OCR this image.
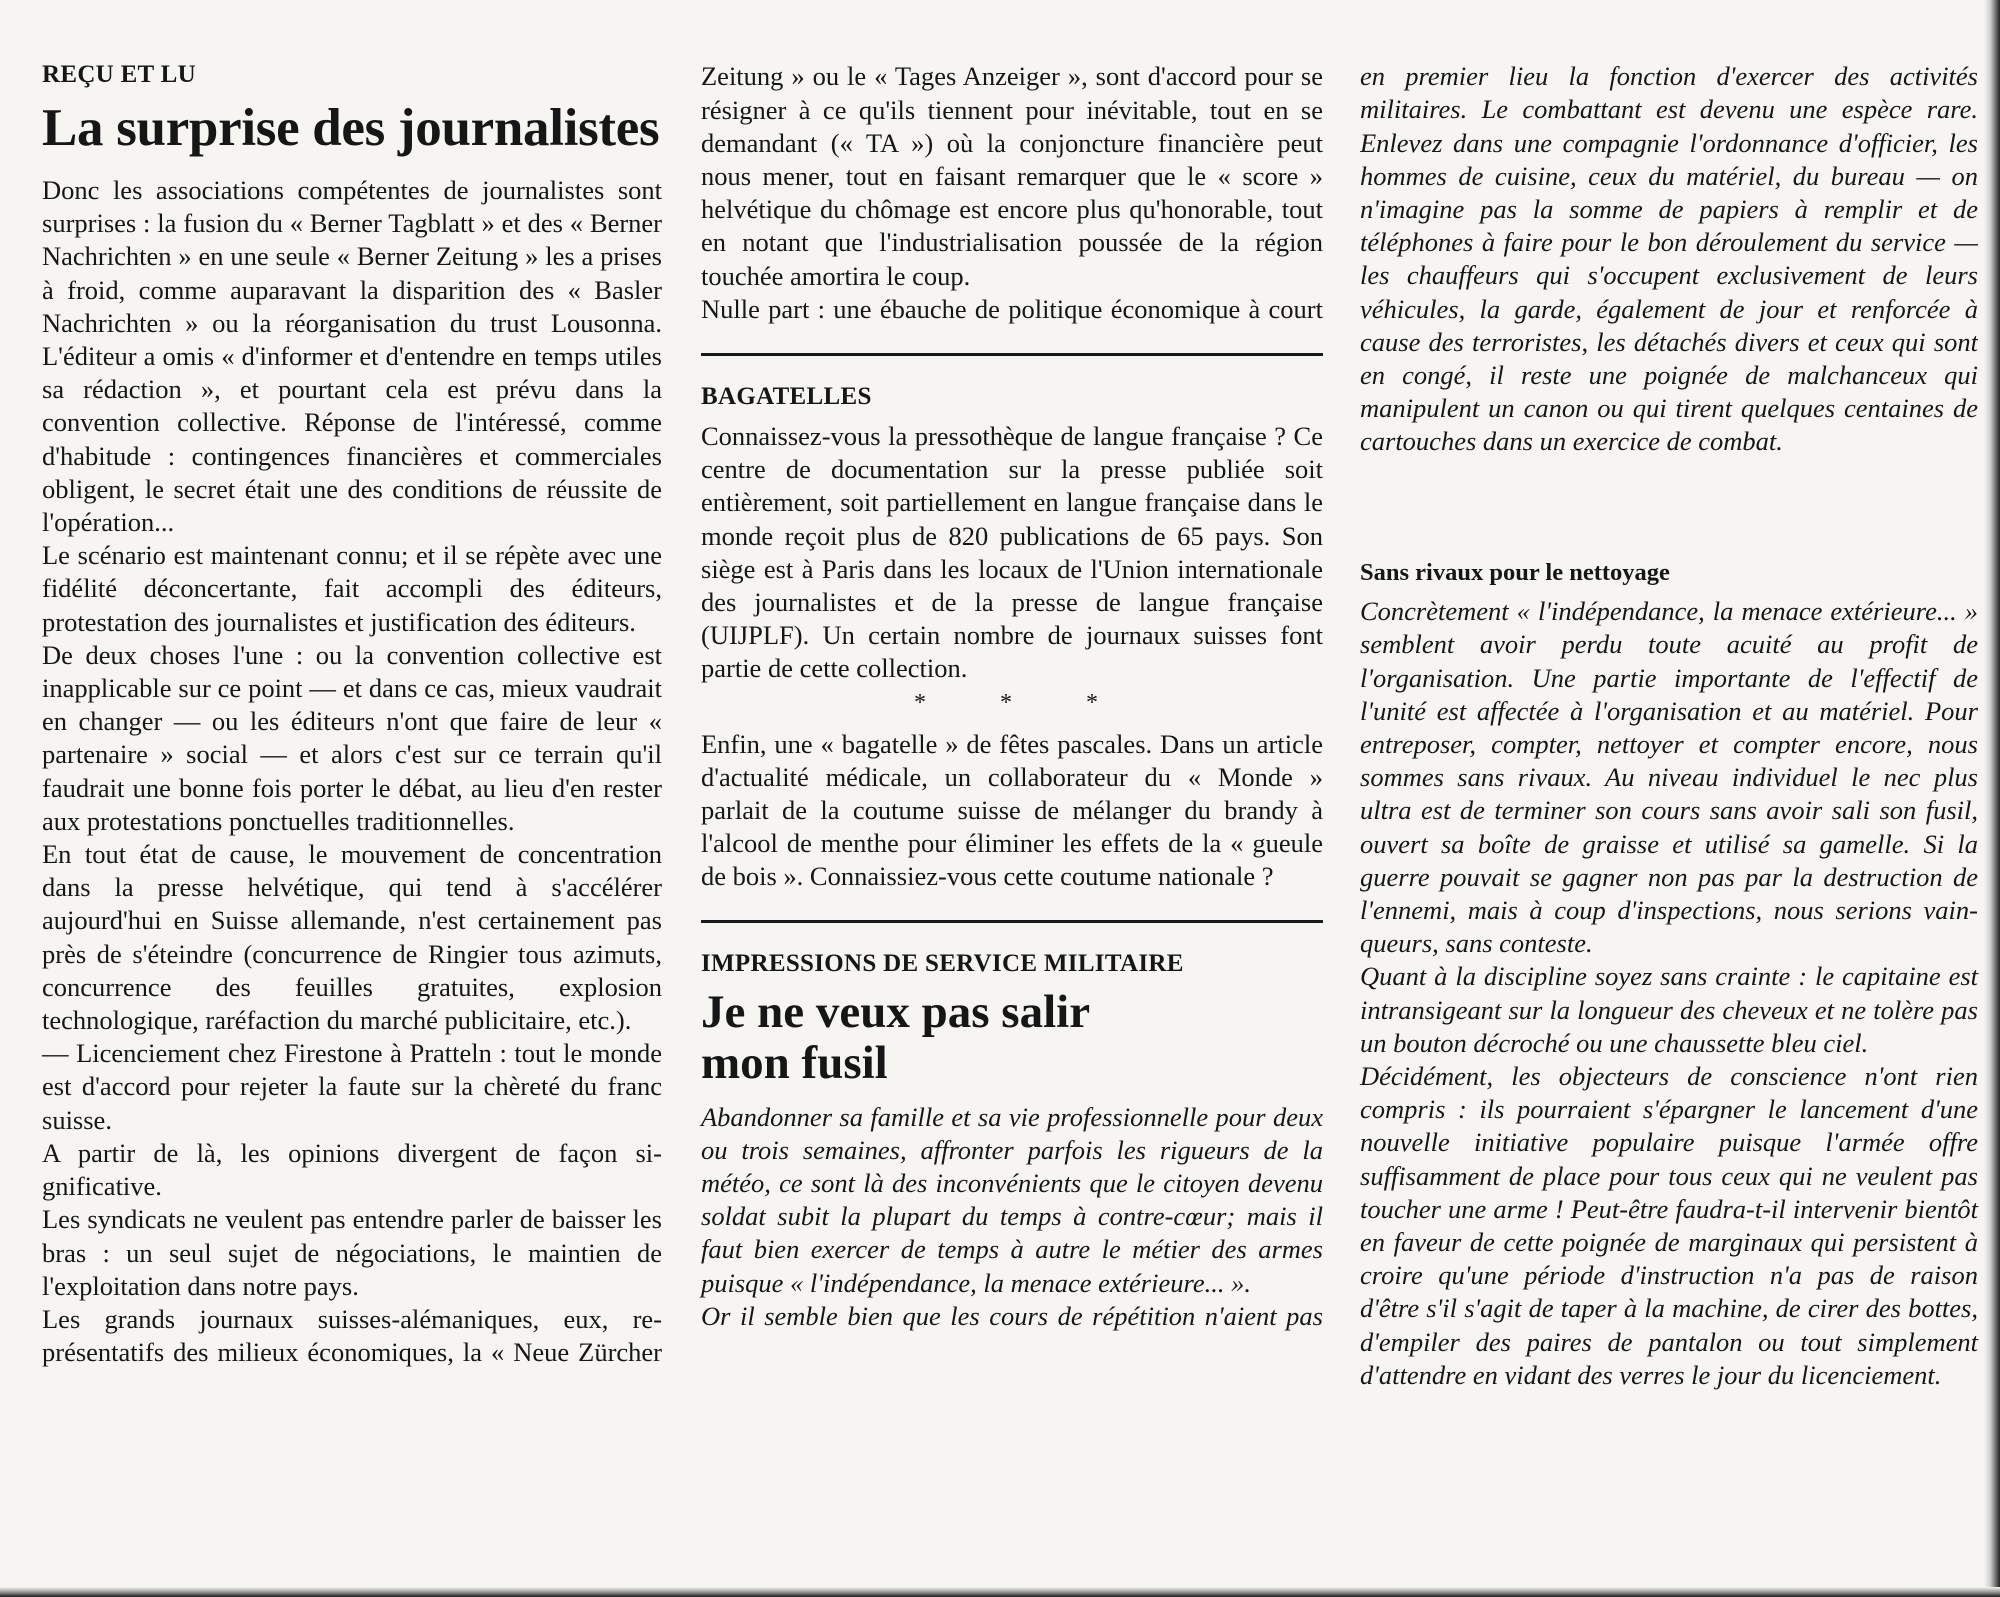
REÇU ET LU
La surprise des journalistes

Donc les associations compétentes de journalistes sont surprises : la fusion du « Berner Tagblatt » et des « Berner Nachrichten » en une seule « Berner Zeitung » les a prises à froid, comme auparavant la disparition des « Basler Nachrichten » ou la réorganisation du trust Lousonna. L'éditeur a omis « d'informer et d'entendre en temps utiles sa rédaction », et pourtant cela est prévu dans la convention collective. Réponse de l'intéressé, comme d'habitude : contingences financières et commerciales obligent, le secret était une des conditions de réussite de l'opération...

Le scénario est maintenant connu; et il se répète avec une fidélité déconcertante, fait accompli des éditeurs, protestation des journalistes et justification des éditeurs.

De deux choses l'une : ou la convention collective est inapplicable sur ce point — et dans ce cas, mieux vaudrait en changer — ou les éditeurs n'ont que faire de leur « partenaire » social — et alors c'est sur ce terrain qu'il faudrait une bonne fois porter le débat, au lieu d'en rester aux protestations ponctuelles traditionnelles.

En tout état de cause, le mouvement de concentration dans la presse helvétique, qui tend à s'accélérer aujourd'hui en Suisse allemande, n'est certainement pas près de s'éteindre (concurrence de Ringier tous azimuts, concurrence des feuilles gratuites, explosion technologique, raréfaction du marché publicitaire, etc.).

— Licenciement chez Firestone à Pratteln : tout le monde est d'accord pour rejeter la faute sur la chèreté du franc suisse.

A partir de là, les opinions divergent de façon significative.

Les syndicats ne veulent pas entendre parler de baisser les bras : un seul sujet de négociations, le maintien de l'exploitation dans notre pays.

Les grands journaux suisses-alémaniques, eux, représentatifs des milieux économiques, la « Neue Zürcher

Zeitung » ou le « Tages Anzeiger », sont d'accord pour se résigner à ce qu'ils tiennent pour inévitable, tout en se demandant (« TA ») où la conjoncture financière peut nous mener, tout en faisant remarquer que le « score » helvétique du chômage est encore plus qu'honorable, tout en notant que l'industrialisation poussée de la région touchée amortira le coup.

Nulle part : une ébauche de politique économique à court

BAGATELLES

Connaissez-vous la pressothèque de langue française ? Ce centre de documentation sur la presse publiée soit entièrement, soit partiellement en langue française dans le monde reçoit plus de 820 publications de 65 pays. Son siège est à Paris dans les locaux de l'Union internationale des journalistes et de la presse de langue française (UIJPLF). Un certain nombre de journaux suisses font partie de cette collection.

* * *

Enfin, une « bagatelle » de fêtes pascales. Dans un article d'actualité médicale, un collaborateur du « Monde » parlait de la coutume suisse de mélanger du brandy à l'alcool de menthe pour éliminer les effets de la « gueule de bois ». Connaissiez-vous cette coutume nationale ?

IMPRESSIONS DE SERVICE MILITAIRE
Je ne veux pas salir
mon fusil

Abandonner sa famille et sa vie professionnelle pour deux ou trois semaines, affronter parfois les rigueurs de la météo, ce sont là des inconvénients que le citoyen devenu soldat subit la plupart du temps à contre-cœur; mais il faut bien exercer de temps à autre le métier des armes puisque « l'indépendance, la menace extérieure... ».

Or il semble bien que les cours de répétition n'aient pas

en premier lieu la fonction d'exercer des activités militaires. Le combattant est devenu une espèce rare. Enlevez dans une compagnie l'ordonnance d'officier, les hommes de cuisine, ceux du matériel, du bureau — on n'imagine pas la somme de papiers à remplir et de téléphones à faire pour le bon déroulement du service — les chauffeurs qui s'occupent exclusivement de leurs véhicules, la garde, également de jour et renforcée à cause des terroristes, les détachés divers et ceux qui sont en congé, il reste une poignée de malchanceux qui manipulent un canon ou qui tirent quelques centaines de cartouches dans un exercice de combat.

Sans rivaux pour le nettoyage

Concrètement « l'indépendance, la menace extérieure... » semblent avoir perdu toute acuité au profit de l'organisation. Une partie importante de l'effectif de l'unité est affectée à l'organisation et au matériel. Pour entreposer, compter, nettoyer et compter encore, nous sommes sans rivaux. Au niveau individuel le nec plus ultra est de terminer son cours sans avoir sali son fusil, ouvert sa boîte de graisse et utilisé sa gamelle. Si la guerre pouvait se gagner non pas par la destruction de l'ennemi, mais à coup d'inspections, nous serions vainqueurs, sans conteste.

Quant à la discipline soyez sans crainte : le capitaine est intransigeant sur la longueur des cheveux et ne tolère pas un bouton décroché ou une chaussette bleu ciel.

Décidément, les objecteurs de conscience n'ont rien compris : ils pourraient s'épargner le lancement d'une nouvelle initiative populaire puisque l'armée offre suffisamment de place pour tous ceux qui ne veulent pas toucher une arme ! Peut-être faudra-t-il intervenir bientôt en faveur de cette poignée de marginaux qui persistent à croire qu'une période d'instruction n'a pas de raison d'être s'il s'agit de taper à la machine, de cirer des bottes, d'empiler des paires de pantalon ou tout simplement d'attendre en vidant des verres le jour du licenciement.
